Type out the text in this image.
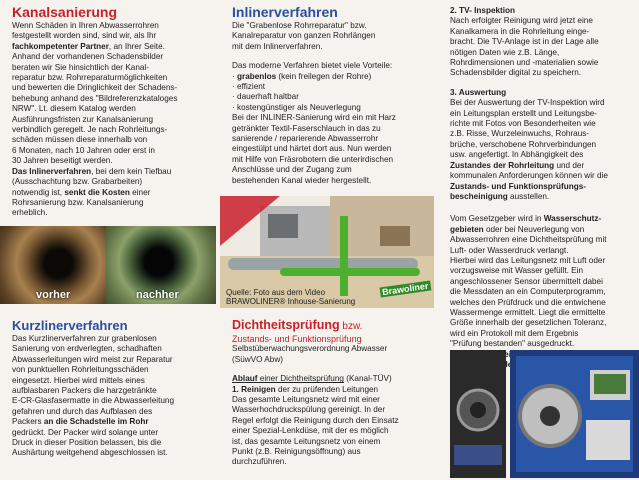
Kanalsanierung

Wenn Schäden in Ihren Abwasserrohren

festgestellt worden sind, sind wir, als Ihr

fachkompetenter Partner, an Ihrer Seite.

Anhand der vorhandenen Schadensbilder

beraten wir Sie hinsichtlich der Kanal-

reparatur bzw. Rohrreparaturmöglichkeiten

und bewerten die Dringlichkeit der Schadens-

behebung anhand des "Bildreferenzkataloges

NRW". Lt. diesem Katalog werden

Ausführungsfristen zur Kanalsanierung

verbindlich geregelt. Je nach Rohrleitungs-

schäden müssen diese innerhalb von

6 Monaten, nach 10 Jahren oder erst in

30 Jahren beseitigt werden.

Das Inlinerverfahren, bei dem kein Tiefbau

(Ausschachtung bzw. Grabarbeiten)

notwendig ist, senkt die Kosten einer

Rohrsanierung bzw. Kanalsanierung

erheblich.

vorher	nachher
Kurzlinerverfahren

Das Kurzlinerverfahren zur grabenlosen

Sanierung von erdverlegten, schadhaften

Abwasserleitungen wird meist zur Reparatur

von punktuellen Rohrleitungsschäden

eingesetzt. Hierbei wird mittels eines

aufblasbaren Packers die harzgetränkte

E-CR-Glasfasermatte in die Abwasserleitung

gefahren und durch das Aufblasen des

Packers an die Schadstelle im Rohr

gedrückt. Der Packer wird solange unter

Druck in dieser Position belassen, bis die

Aushärtung weitgehend abgeschlossen ist.

Inlinerverfahren

Die "Grabenlose Rohrreparatur" bzw.

Kanalreparatur von ganzen Rohrlängen

mit dem Inlinerverfahren.

Das moderne Verfahren bietet viele Vorteile:

· grabenlos (kein freilegen der Rohre)

· effizient

· dauerhaft haltbar

· kostengünstiger als Neuverlegung

Bei der INLINER-Sanierung wird ein mit Harz

getränkter Textil-Faserschlauch in das zu

sanierende / reparierende Abwasserrohr

eingestülpt und härtet dort aus. Nun werden

mit Hilfe von Fräsrobotern die unterirdischen

Anschlüsse und der Zugang zum

bestehenden Kanal wieder hergestellt.

Quelle: Foto aus dem Video
BRAWOLINER® Inhouse-Sanierung
Brawoliner
Dichtheitsprüfung bzw.

Zustands- und Funktionsprüfung

Selbstüberwachungsverordnung Abwasser

(SüwVO Abw)

Ablauf einer Dichtheitsprüfung (Kanal-TÜV)

1. Reinigen der zu prüfenden Leitungen

Das gesamte Leitungsnetz wird mit einer

Wasserhochdruckspülung gereinigt. In der

Regel erfolgt die Reinigung durch den Einsatz

einer Spezial-Lenkdüse, mit der es möglich

ist, das gesamte Leitungsnetz von einem

Punkt (z.B. Reinigungsöffnung) aus

durchzuführen.

2. TV- Inspektion

Nach erfolgter Reinigung wird jetzt eine

Kanalkamera in die Rohrleitung einge-

bracht. Die TV-Anlage ist in der Lage alle

nötigen Daten wie z.B. Länge,

Rohrdimensionen und -materialien sowie

Schadensbilder digital zu speichern.

3. Auswertung

Bei der Auswertung der TV-Inspektion wird

ein Leitungsplan erstellt und Leitungsbe-

richte mit Fotos von Besonderheiten wie

z.B. Risse, Wurzeleinwuchs, Rohraus-

brüche, verschobene Rohrverbindungen

usw. angefertigt. In Abhängigkeit des

Zustandes der Rohrleitung und der

kommunalen Anforderungen können wir die

Zustands- und Funktionsprüfungs-

bescheinigung ausstellen.

Vom Gesetzgeber wird in Wasserschutz-

gebieten oder bei Neuverlegung von

Abwasserrohren eine Dichtheitsprüfung mit

Luft- oder Wasserdruck verlangt.

Hierbei wird das Leitungsnetz mit Luft oder

vorzugsweise mit Wasser gefüllt. Ein

angeschlossener Sensor übermittelt dabei

die Messdaten an ein Computerprogramm,

welches den Prüfdruck und die entwichene

Wassermenge ermittelt. Liegt die ermittelte

Größe innerhalb der gesetzlichen Toleranz,

wird ein Protokoll mit dem Ergebnis

"Prüfung bestanden" ausgedruckt.

Landesamt
